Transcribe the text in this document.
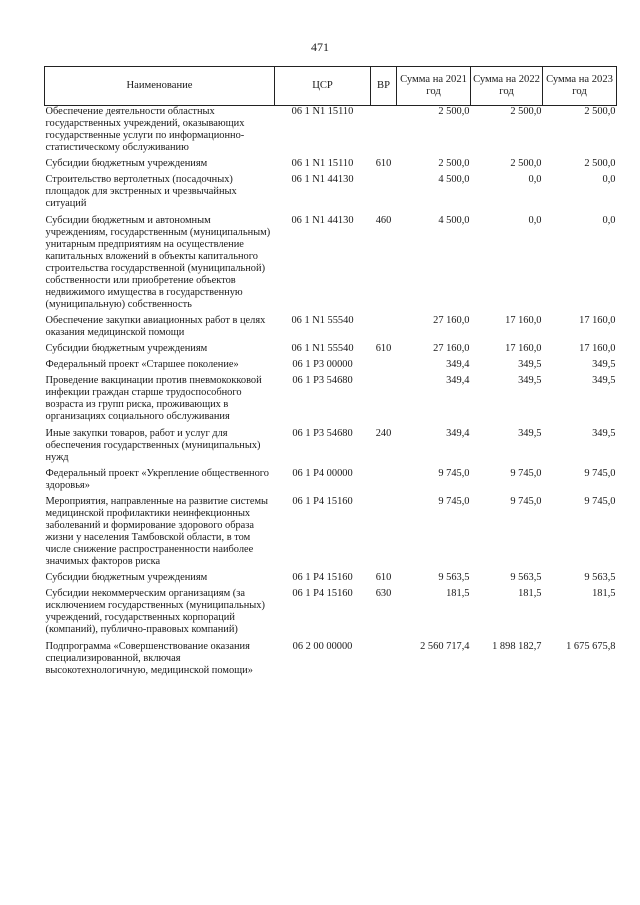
471
Наименование	ЦСР	ВР	Сумма на 2021 год	Сумма на 2022 год	Сумма на 2023 год
Обеспечение деятельности областных государственных учреждений, оказывающих государственные услуги по информационно-статистическому обслуживанию	06 1 N1 15110		2 500,0	2 500,0	2 500,0
Субсидии бюджетным учреждениям	06 1 N1 15110	610	2 500,0	2 500,0	2 500,0
Строительство вертолетных (посадочных) площадок для экстренных и чрезвычайных ситуаций	06 1 N1 44130		4 500,0	0,0	0,0
Субсидии бюджетным и автономным учреждениям, государственным (муниципальным) унитарным предприятиям на осуществление капитальных вложений в объекты капитального строительства государственной (муниципальной) собственности или приобретение объектов недвижимого имущества в государственную (муниципальную) собственность	06 1 N1 44130	460	4 500,0	0,0	0,0
Обеспечение закупки авиационных работ в целях оказания медицинской помощи	06 1 N1 55540		27 160,0	17 160,0	17 160,0
Субсидии бюджетным учреждениям	06 1 N1 55540	610	27 160,0	17 160,0	17 160,0
Федеральный проект «Старшее поколение»	06 1 P3 00000		349,4	349,5	349,5
Проведение вакцинации против пневмококковой инфекции граждан старше трудоспособного возраста из групп риска, проживающих в организациях социального обслуживания	06 1 P3 54680		349,4	349,5	349,5
Иные закупки товаров, работ и услуг для обеспечения государственных (муниципальных) нужд	06 1 P3 54680	240	349,4	349,5	349,5
Федеральный проект «Укрепление общественного здоровья»	06 1 P4 00000		9 745,0	9 745,0	9 745,0
Мероприятия, направленные на развитие системы медицинской профилактики неинфекционных заболеваний и формирование здорового образа жизни у населения Тамбовской области, в том числе снижение распространенности наиболее значимых факторов риска	06 1 P4 15160		9 745,0	9 745,0	9 745,0
Субсидии бюджетным учреждениям	06 1 P4 15160	610	9 563,5	9 563,5	9 563,5
Субсидии некоммерческим организациям (за исключением государственных (муниципальных) учреждений, государственных корпораций (компаний), публично-правовых компаний)	06 1 P4 15160	630	181,5	181,5	181,5
Подпрограмма «Совершенствование оказания специализированной, включая высокотехнологичную, медицинской помощи»	06 2 00 00000		2 560 717,4	1 898 182,7	1 675 675,8
